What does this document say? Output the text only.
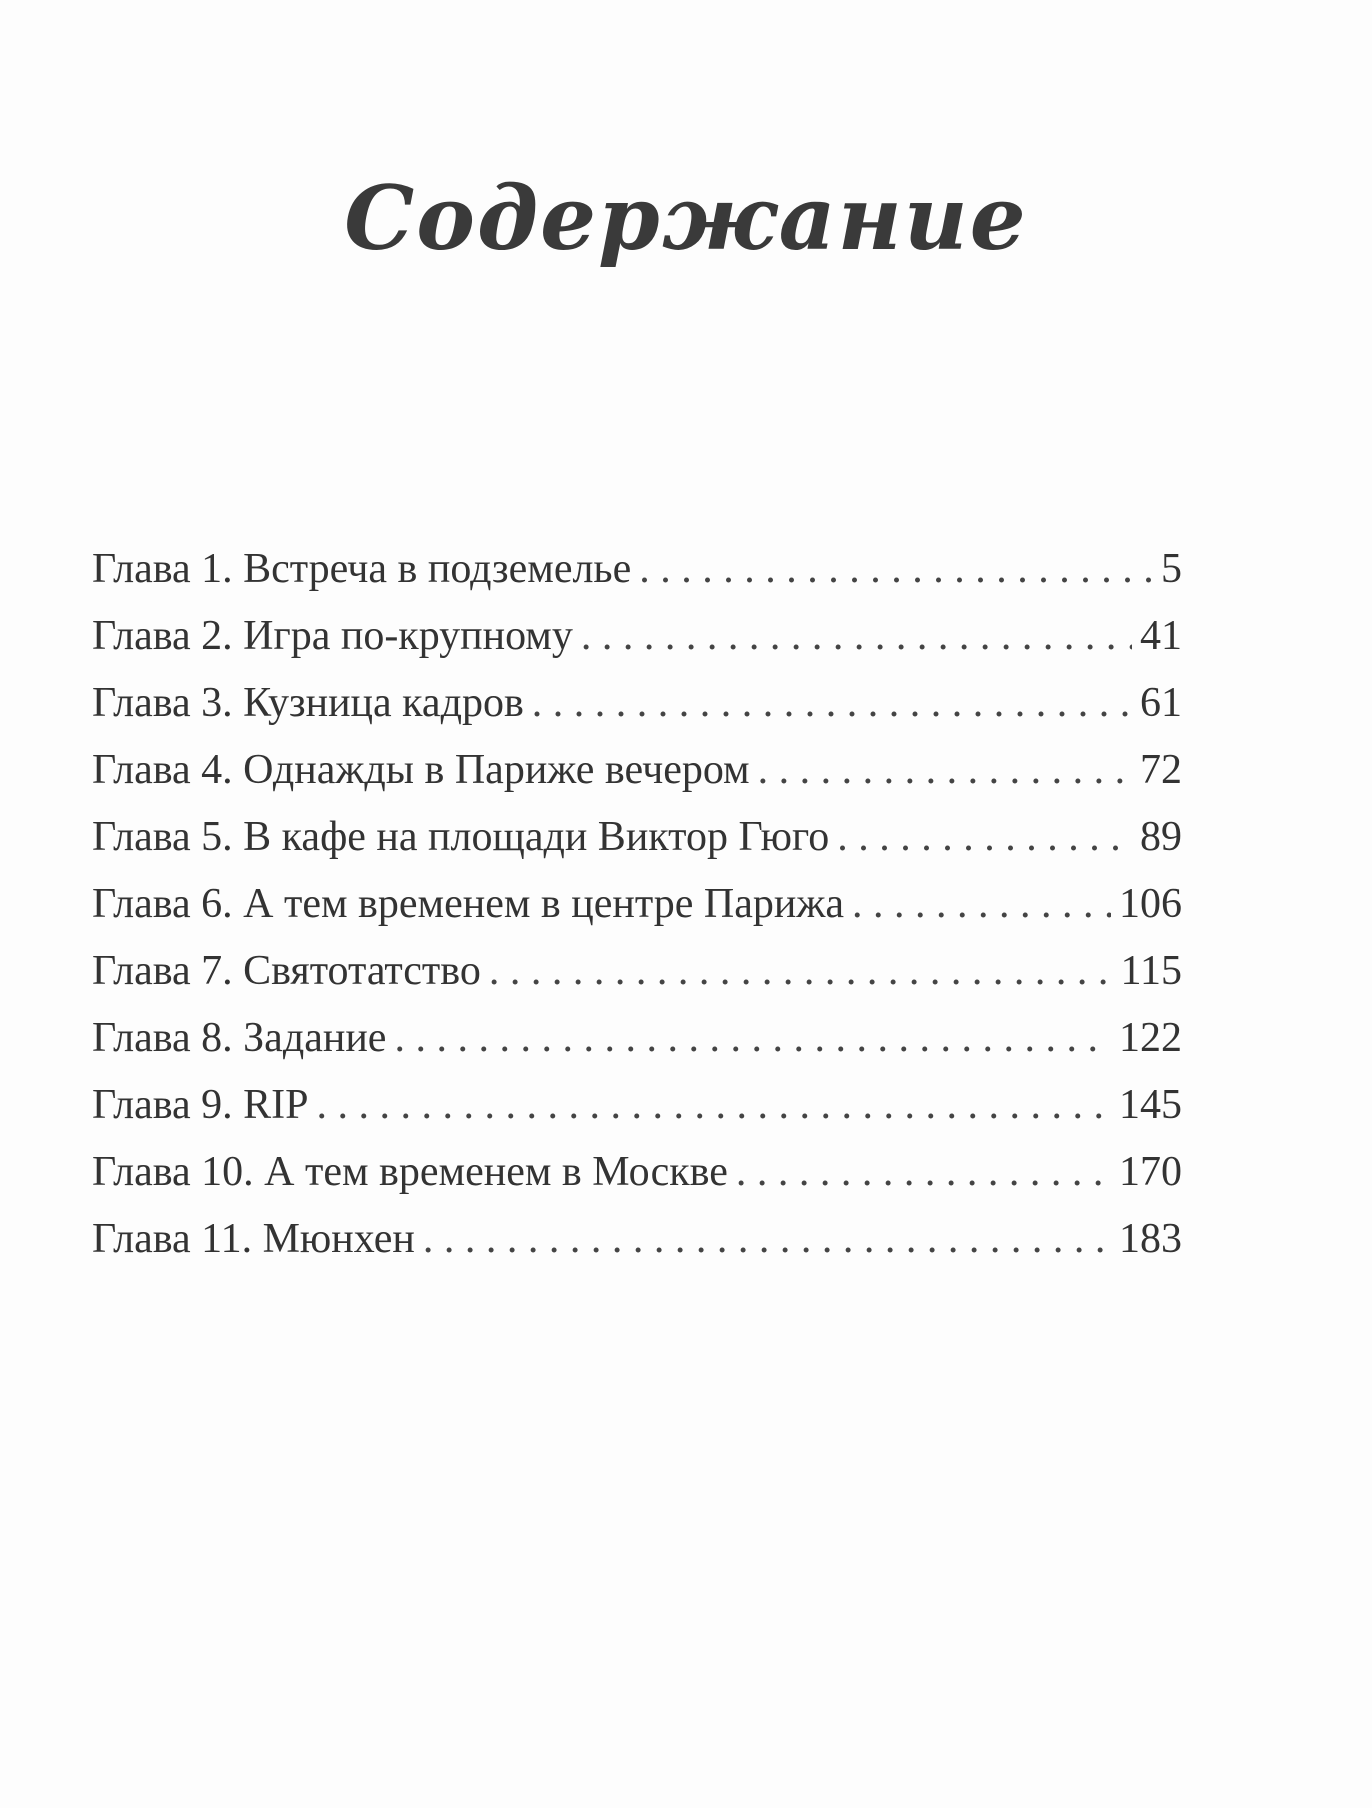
Содержание
Глава 1. Встреча в подземелье . . .	5
Глава 2. Игра по-крупному . . .	41
Глава 3. Кузница кадров . . .	61
Глава 4. Однажды в Париже вечером . . .	72
Глава 5. В кафе на площади Виктор Гюго . . .	89
Глава 6. А тем временем в центре Парижа . . .	106
Глава 7. Святотатство . . .	115
Глава 8. Задание . . .	122
Глава 9. RIP . . .	145
Глава 10. А тем временем в Москве . . .	170
Глава 11. Мюнхен . . .	183
